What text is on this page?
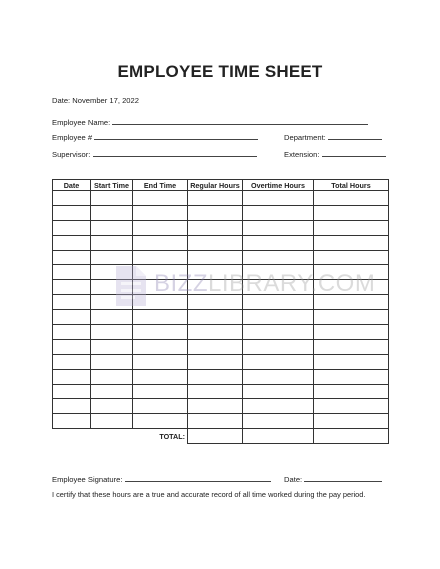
EMPLOYEE TIME SHEET
Date: November 17, 2022
Employee Name:
Employee #	Department:
Supervisor:	Extension:
Date	Start Time	End Time	Regular Hours	Overtime Hours	Total Hours

		TOTAL:			
BIZZLIBRARY.COM
Employee Signature:	Date:
I certify that these hours are a true and accurate record of all time worked during the pay period.
